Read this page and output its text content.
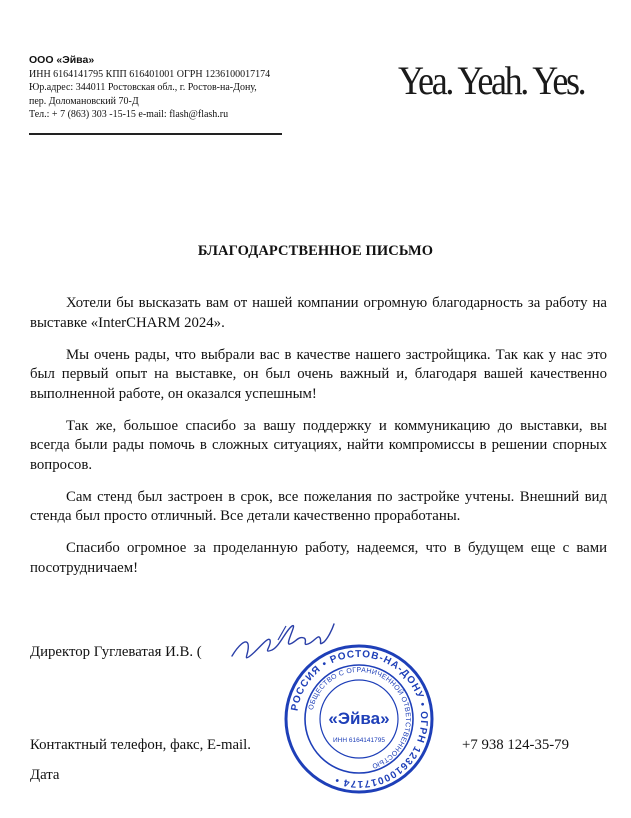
ООО «Эйва»
ИНН 6164141795 КПП 616401001 ОГРН 1236100017174
Юр.адрес: 344011 Ростовская обл., г. Ростов-на-Дону,
пер. Доломановский 70-Д
Тел.: + 7 (863) 303 -15-15 e-mail: flash@flash.ru
Yea. Yeah. Yes.
БЛАГОДАРСТВЕННОЕ ПИСЬМО

Хотели бы высказать вам от нашей компании огромную благодарность за работу на выставке «InterCHARM 2024».

Мы очень рады, что выбрали вас в качестве нашего застройщика. Так как у нас это был первый опыт на выставке, он был очень важный и, благодаря вашей качественно выполненной работе, он оказался успешным!

Так же, большое спасибо за вашу поддержку и коммуникацию до выставки, вы всегда были рады помочь в сложных ситуациях, найти компромиссы в решении спорных вопросов.

Сам стенд был застроен в срок, все пожелания по застройке учтены. Внешний вид стенда был просто отличный. Все детали качественно проработаны.

Спасибо огромное за проделанную работу, надеемся, что в будущем еще с вами посотрудничаем!

Директор Гуглеватая И.В. (
РОССИЯ • РОСТОВ-НА-ДОНУ • ОГРН 1236100017174 •
ОБЩЕСТВО С ОГРАНИЧЕННОЙ ОТВЕТСТВЕННОСТЬЮ
«Эйва»
ИНН 6164141795
Контактный телефон, факс, E-mail.	+7 938 124-35-79
Дата
